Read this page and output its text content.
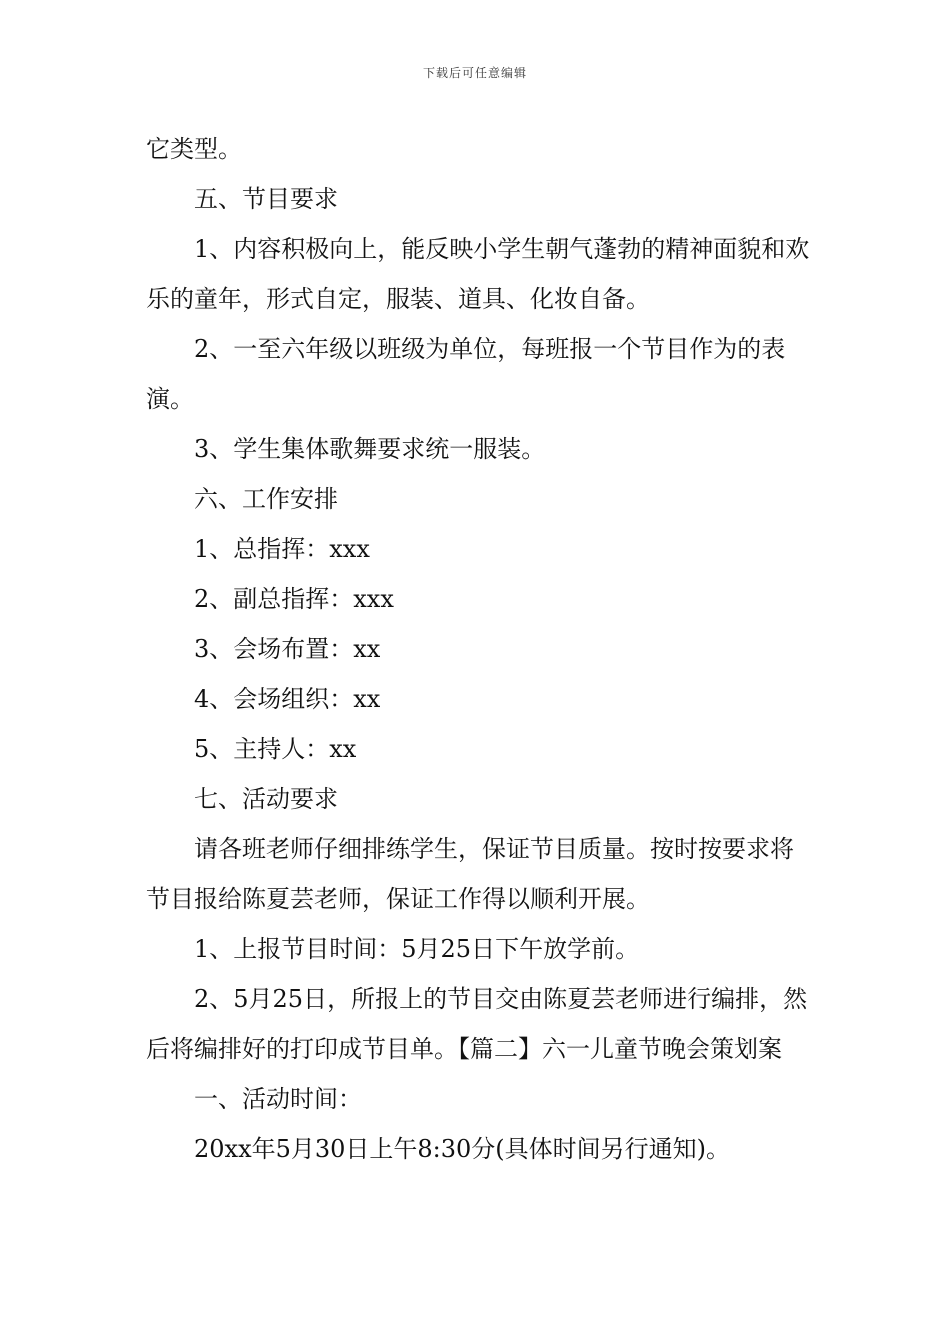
下载后可任意编辑

它类型。

五、节目要求

1、内容积极向上，能反映小学生朝气蓬勃的精神面貌和欢乐的童年，形式自定，服装、道具、化妆自备。

2、一至六年级以班级为单位，每班报一个节目作为的表演。

3、学生集体歌舞要求统一服装。

六、工作安排

1、总指挥：xxx

2、副总指挥：xxx

3、会场布置：xx

4、会场组织：xx

5、主持人：xx

七、活动要求

请各班老师仔细排练学生，保证节目质量。按时按要求将节目报给陈夏芸老师，保证工作得以顺利开展。

1、上报节目时间：5月25日下午放学前。

2、5月25日，所报上的节目交由陈夏芸老师进行编排，然后将编排好的打印成节目单。【篇二】六一儿童节晚会策划案

一、活动时间：

20xx年5月30日上午8:30分(具体时间另行通知)。
